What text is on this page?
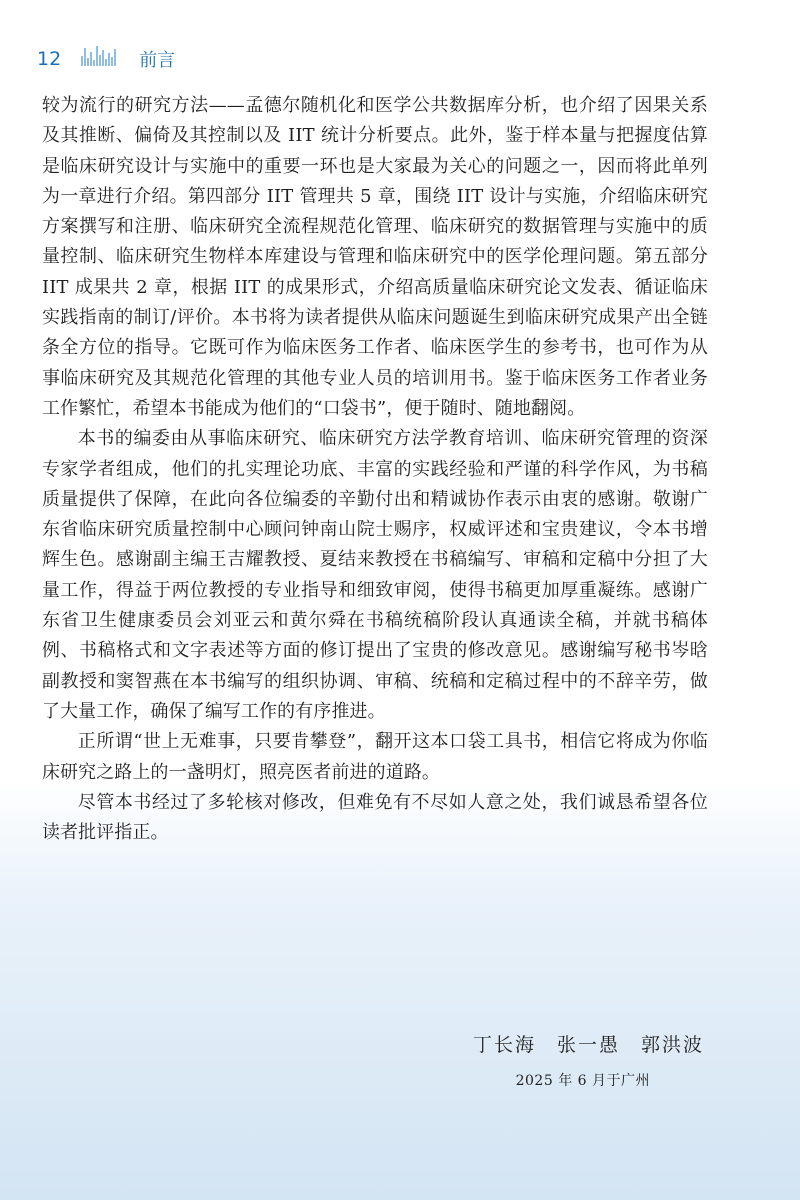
12	前言

较为流行的研究方法——孟德尔随机化和医学公共数据库分析，也介绍了因果关系及其推断、偏倚及其控制以及 IIT 统计分析要点。此外，鉴于样本量与把握度估算是临床研究设计与实施中的重要一环也是大家最为关心的问题之一，因而将此单列为一章进行介绍。第四部分 IIT 管理共 5 章，围绕 IIT 设计与实施，介绍临床研究方案撰写和注册、临床研究全流程规范化管理、临床研究的数据管理与实施中的质量控制、临床研究生物样本库建设与管理和临床研究中的医学伦理问题。第五部分 IIT 成果共 2 章，根据 IIT 的成果形式，介绍高质量临床研究论文发表、循证临床实践指南的制订/评价。本书将为读者提供从临床问题诞生到临床研究成果产出全链条全方位的指导。它既可作为临床医务工作者、临床医学生的参考书，也可作为从事临床研究及其规范化管理的其他专业人员的培训用书。鉴于临床医务工作者业务工作繁忙，希望本书能成为他们的“口袋书”，便于随时、随地翻阅。

本书的编委由从事临床研究、临床研究方法学教育培训、临床研究管理的资深专家学者组成，他们的扎实理论功底、丰富的实践经验和严谨的科学作风，为书稿质量提供了保障，在此向各位编委的辛勤付出和精诚协作表示由衷的感谢。敬谢广东省临床研究质量控制中心顾问钟南山院士赐序，权威评述和宝贵建议，令本书增辉生色。感谢副主编王吉耀教授、夏结来教授在书稿编写、审稿和定稿中分担了大量工作，得益于两位教授的专业指导和细致审阅，使得书稿更加厚重凝练。感谢广东省卫生健康委员会刘亚云和黄尔舜在书稿统稿阶段认真通读全稿，并就书稿体例、书稿格式和文字表述等方面的修订提出了宝贵的修改意见。感谢编写秘书岑晗副教授和窦智燕在本书编写的组织协调、审稿、统稿和定稿过程中的不辞辛劳，做了大量工作，确保了编写工作的有序推进。

正所谓“世上无难事，只要肯攀登”，翻开这本口袋工具书，相信它将成为你临床研究之路上的一盏明灯，照亮医者前进的道路。

尽管本书经过了多轮核对修改，但难免有不尽如人意之处，我们诚恳希望各位读者批评指正。

丁长海　张一愚　郭洪波
2025 年 6 月于广州
